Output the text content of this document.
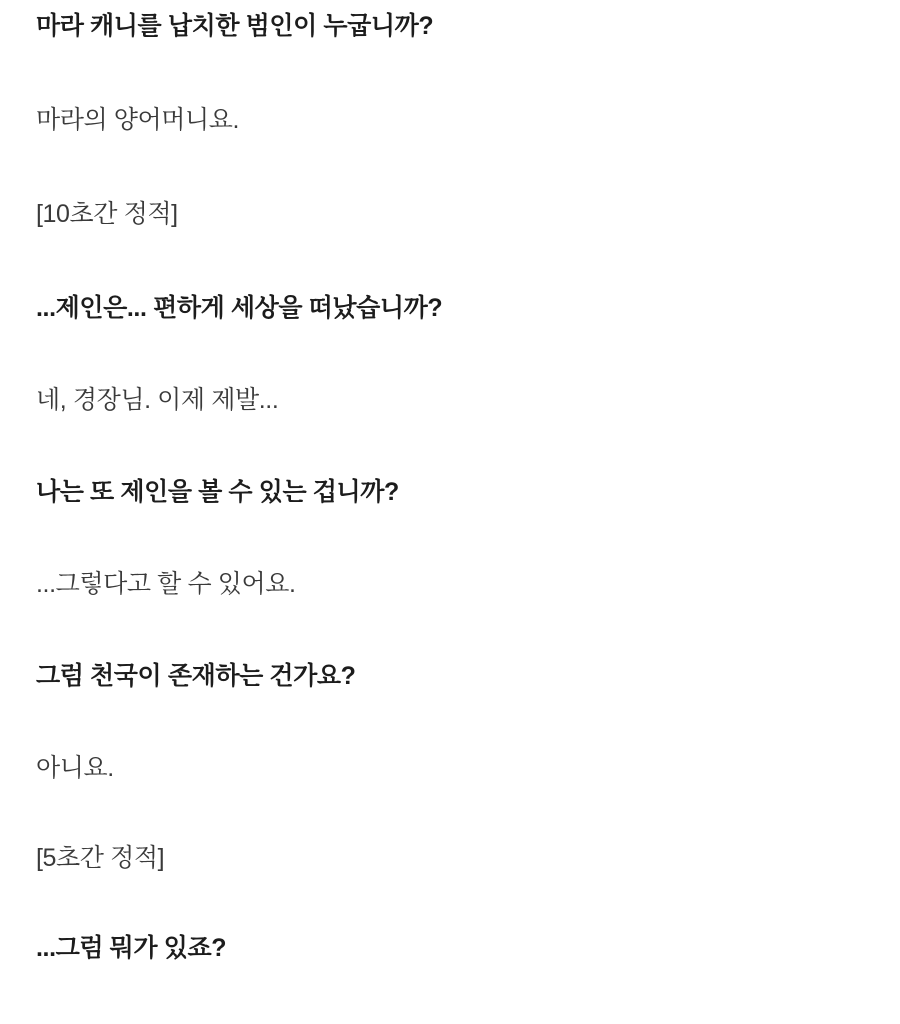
마라 캐니를 납치한 범인이 누굽니까?

마라의 양어머니요.

[10초간 정적]

...제인은... 편하게 세상을 떠났습니까?

네, 경장님. 이제 제발...

나는 또 제인을 볼 수 있는 겁니까?

...그렇다고 할 수 있어요.

그럼 천국이 존재하는 건가요?

아니요.

[5초간 정적]

...그럼 뭐가 있죠?
